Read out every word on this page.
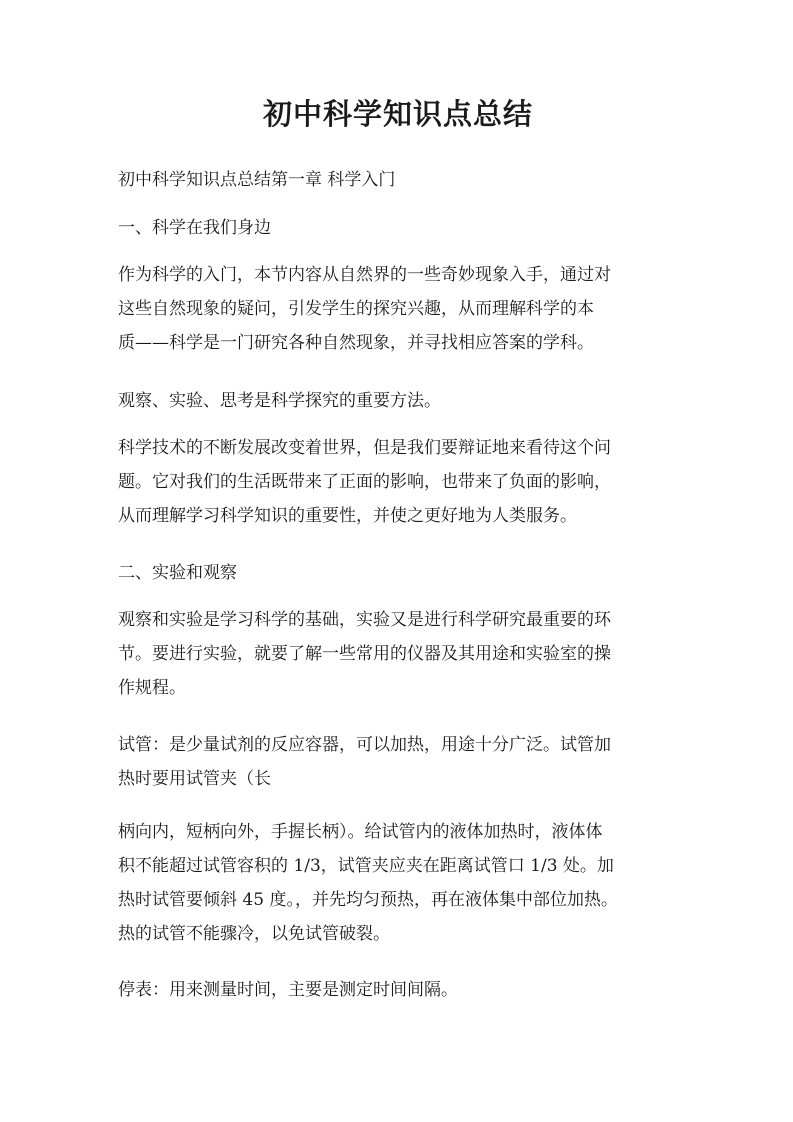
初中科学知识点总结

初中科学知识点总结第一章 科学入门

一、科学在我们身边

作为科学的入门，本节内容从自然界的一些奇妙现象入手，通过对
这些自然现象的疑问，引发学生的探究兴趣，从而理解科学的本
质——科学是一门研究各种自然现象，并寻找相应答案的学科。

观察、实验、思考是科学探究的重要方法。

科学技术的不断发展改变着世界，但是我们要辩证地来看待这个问
题。它对我们的生活既带来了正面的影响，也带来了负面的影响，
从而理解学习科学知识的重要性，并使之更好地为人类服务。

二、实验和观察

观察和实验是学习科学的基础，实验又是进行科学研究最重要的环
节。要进行实验，就要了解一些常用的仪器及其用途和实验室的操
作规程。

试管：是少量试剂的反应容器，可以加热，用途十分广泛。试管加
热时要用试管夹（长

柄向内，短柄向外，手握长柄）。给试管内的液体加热时，液体体
积不能超过试管容积的 1/3，试管夹应夹在距离试管口 1/3 处。加
热时试管要倾斜 45 度。，并先均匀预热，再在液体集中部位加热。
热的试管不能骤冷，以免试管破裂。

停表：用来测量时间，主要是测定时间间隔。
